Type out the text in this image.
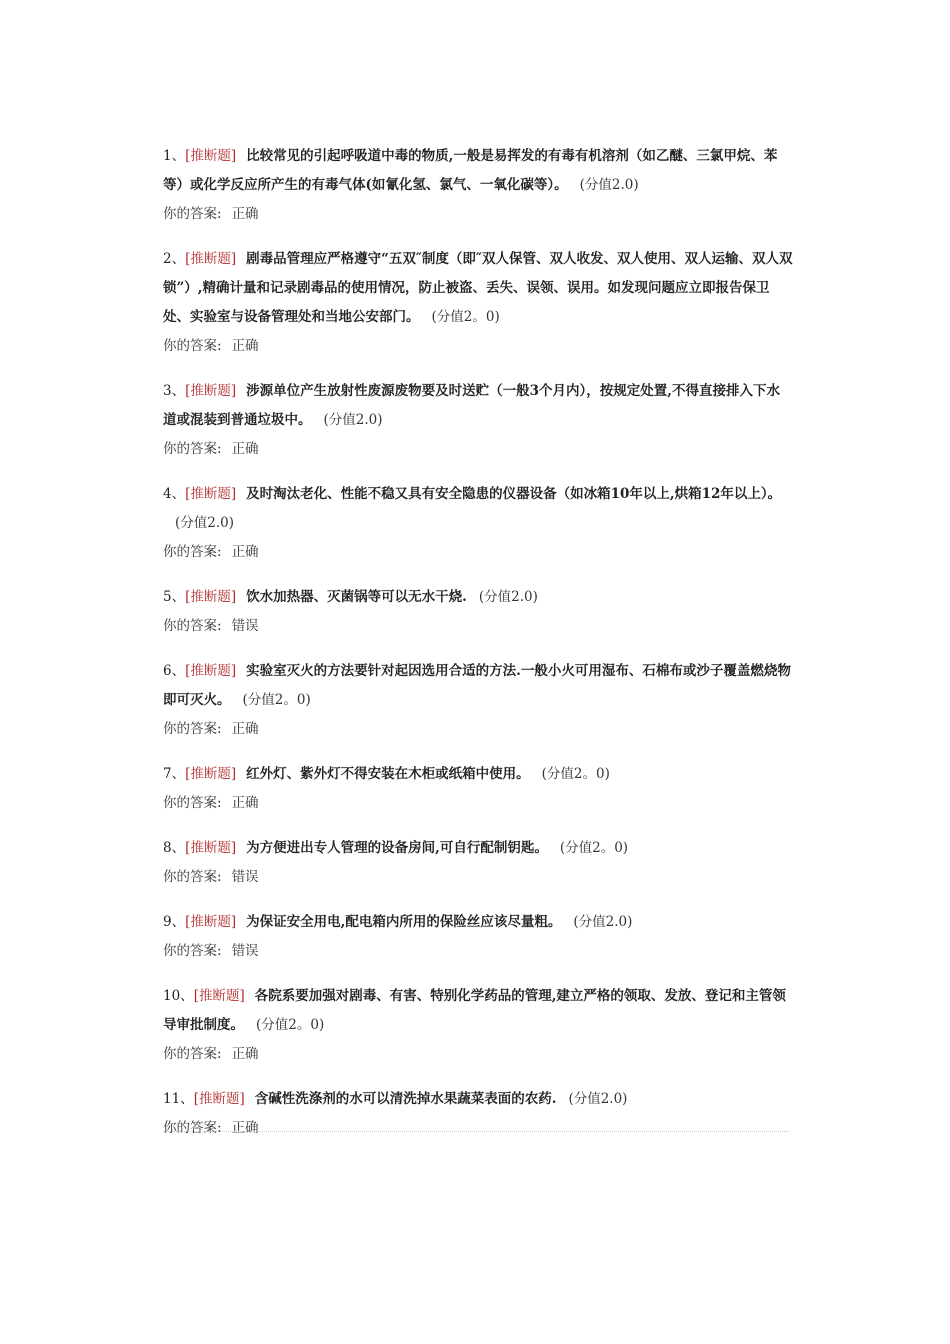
1、[推断题] 比较常见的引起呼吸道中毒的物质,一般是易挥发的有毒有机溶剂（如乙醚、三氯甲烷、苯等）或化学反应所产生的有毒气体(如氰化氢、氯气、一氧化碳等）。 (分值2.0)
你的答案: 正确
2、[推断题] 剧毒品管理应严格遵守“五双″制度（即″双人保管、双人收发、双人使用、双人运输、双人双锁”）,精确计量和记录剧毒品的使用情况，防止被盗、丢失、误领、误用。如发现问题应立即报告保卫处、实验室与设备管理处和当地公安部门。 (分值2。0)
你的答案: 正确
3、[推断题] 涉源单位产生放射性废源废物要及时送贮（一般3个月内），按规定处置,不得直接排入下水道或混装到普通垃圾中。 (分值2.0)
你的答案: 正确
4、[推断题] 及时淘汰老化、性能不稳又具有安全隐患的仪器设备（如冰箱10年以上,烘箱12年以上）。(分值2.0)
你的答案: 正确
5、[推断题] 饮水加热器、灭菌锅等可以无水干烧. (分值2.0)
你的答案: 错误
6、[推断题] 实验室灭火的方法要针对起因选用合适的方法.一般小火可用湿布、石棉布或沙子覆盖燃烧物即可灭火。 (分值2。0)
你的答案: 正确
7、[推断题] 红外灯、紫外灯不得安装在木柜或纸箱中使用。 (分值2。0)
你的答案: 正确
8、[推断题] 为方便进出专人管理的设备房间,可自行配制钥匙。 (分值2。0)
你的答案: 错误
9、[推断题] 为保证安全用电,配电箱内所用的保险丝应该尽量粗。 (分值2.0)
你的答案: 错误
10、[推断题] 各院系要加强对剧毒、有害、特别化学药品的管理,建立严格的领取、发放、登记和主管领导审批制度。 (分值2。0)
你的答案: 正确
11、[推断题] 含碱性洗涤剂的水可以清洗掉水果蔬菜表面的农药. (分值2.0)
你的答案: 正确
